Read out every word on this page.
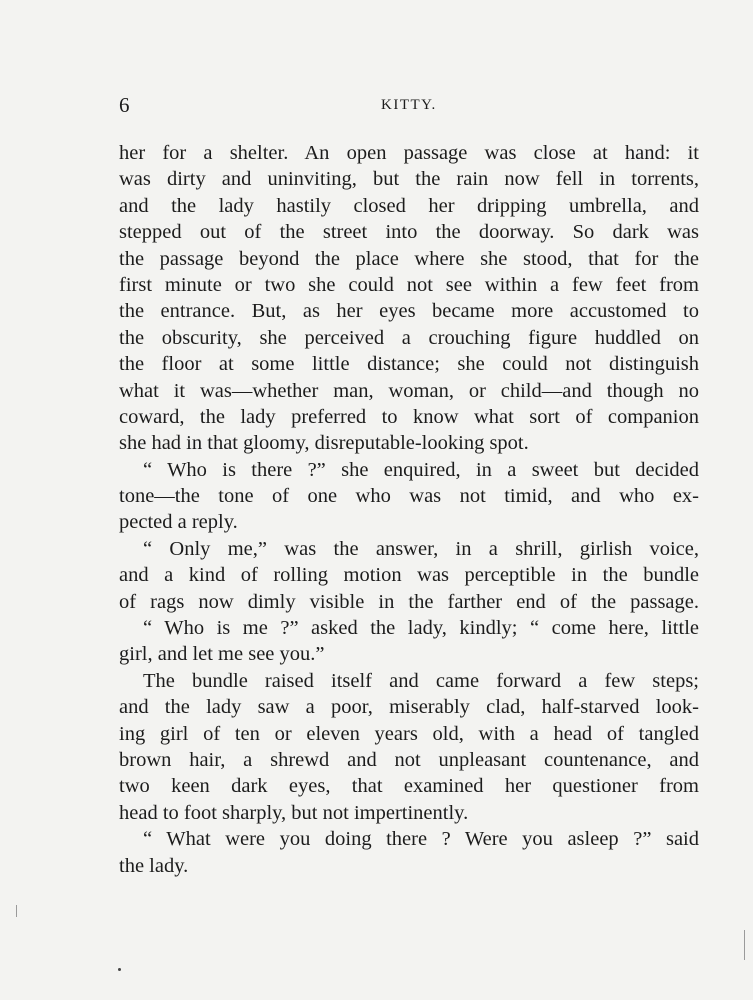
6	KITTY.
her for a shelter. An open passage was close at hand: it
was dirty and uninviting, but the rain now fell in torrents,
and the lady hastily closed her dripping umbrella, and
stepped out of the street into the doorway. So dark was
the passage beyond the place where she stood, that for the
first minute or two she could not see within a few feet from
the entrance. But, as her eyes became more accustomed to
the obscurity, she perceived a crouching figure huddled on
the floor at some little distance; she could not distinguish
what it was—whether man, woman, or child—and though no
coward, the lady preferred to know what sort of companion
she had in that gloomy, disreputable-looking spot.
“ Who is there ?” she enquired, in a sweet but decided
tone—the tone of one who was not timid, and who ex-
pected a reply.
“ Only me,” was the answer, in a shrill, girlish voice,
and a kind of rolling motion was perceptible in the bundle
of rags now dimly visible in the farther end of the passage.
“ Who is me ?” asked the lady, kindly; “ come here, little
girl, and let me see you.”
The bundle raised itself and came forward a few steps;
and the lady saw a poor, miserably clad, half-starved look-
ing girl of ten or eleven years old, with a head of tangled
brown hair, a shrewd and not unpleasant countenance, and
two keen dark eyes, that examined her questioner from
head to foot sharply, but not impertinently.
“ What were you doing there ? Were you asleep ?” said
the lady.
